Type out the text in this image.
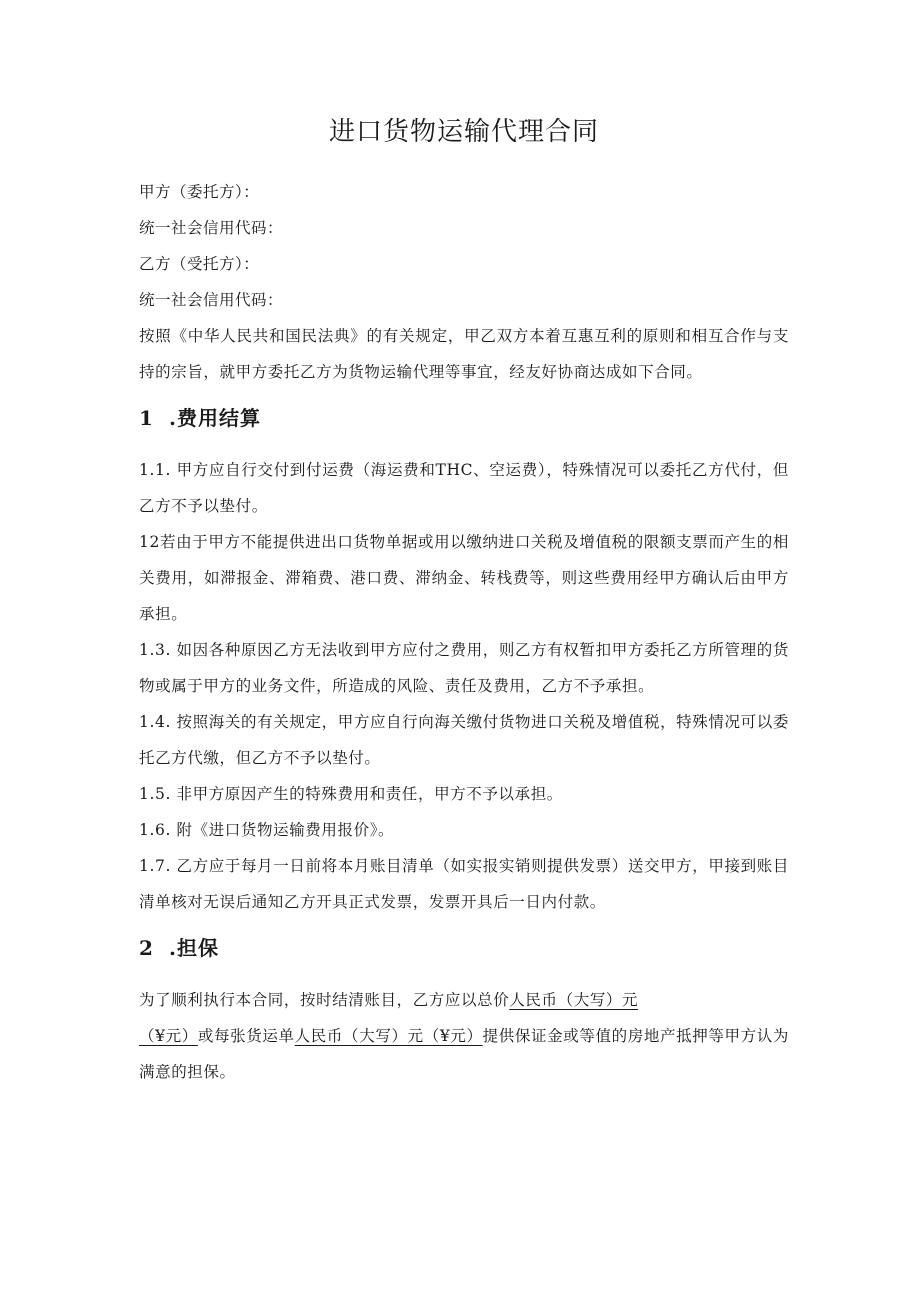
进口货物运输代理合同
甲方（委托方）：
统一社会信用代码：
乙方（受托方）：
统一社会信用代码：

按照《中华人民共和国民法典》的有关规定，甲乙双方本着互惠互利的原则和相互合作与支持的宗旨，就甲方委托乙方为货物运输代理等事宜，经友好协商达成如下合同。

1 .费用结算

1.1. 甲方应自行交付到付运费（海运费和THC、空运费），特殊情况可以委托乙方代付，但乙方不予以垫付。

12若由于甲方不能提供进出口货物单据或用以缴纳进口关税及增值税的限额支票而产生的相关费用，如滞报金、滞箱费、港口费、滞纳金、转栈费等，则这些费用经甲方确认后由甲方承担。

1.3. 如因各种原因乙方无法收到甲方应付之费用，则乙方有权暂扣甲方委托乙方所管理的货物或属于甲方的业务文件，所造成的风险、责任及费用，乙方不予承担。

1.4. 按照海关的有关规定，甲方应自行向海关缴付货物进口关税及增值税，特殊情况可以委托乙方代缴，但乙方不予以垫付。

1.5. 非甲方原因产生的特殊费用和责任，甲方不予以承担。

1.6. 附《进口货物运输费用报价》。

1.7. 乙方应于每月一日前将本月账目清单（如实报实销则提供发票）送交甲方，甲接到账目清单核对无误后通知乙方开具正式发票，发票开具后一日内付款。

2 .担保

为了顺利执行本合同，按时结清账目，乙方应以总价人民币（大写）元
（¥元）或每张货运单人民币（大写）元（¥元）提供保证金或等值的房地产抵押等甲方认为满意的担保。
